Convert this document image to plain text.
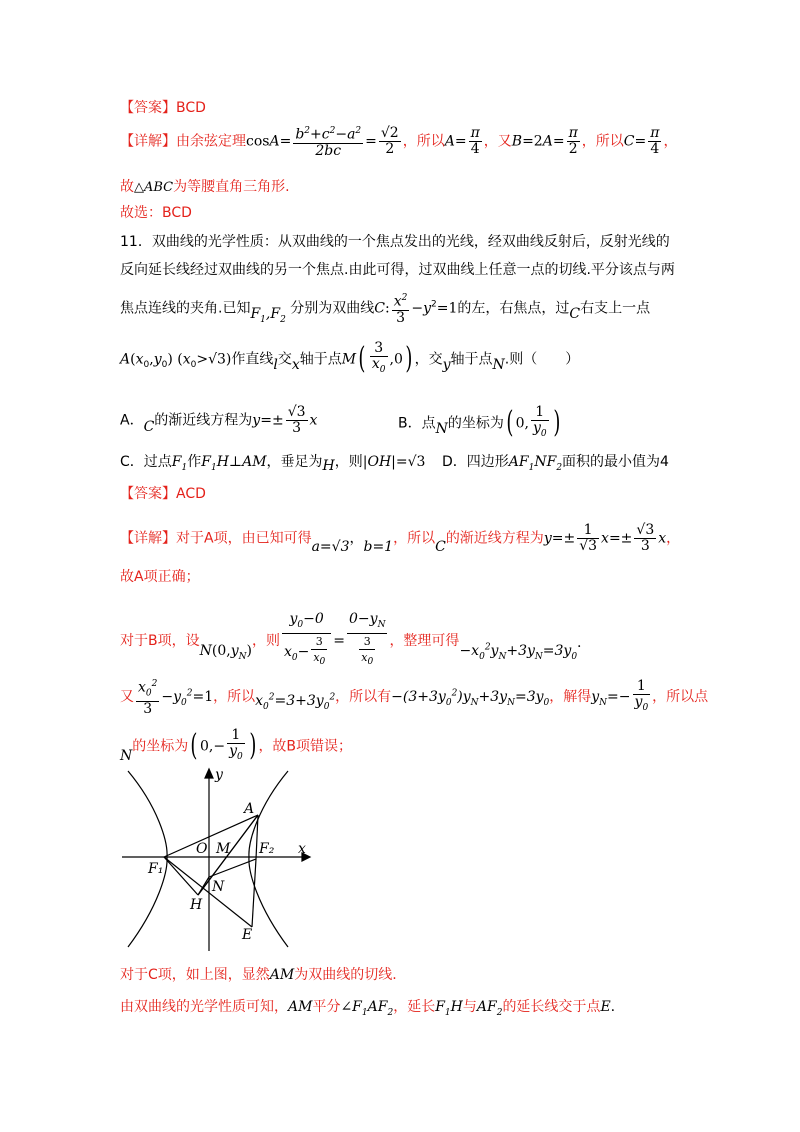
【答案】BCD
【详解】由余弦定理$\cos A= \frac{b^2+c^2-a^2}{2bc} = \frac{√2}{2}$ ，所以$A= \frac{\pi}{4}$ ，又$B=2A= \frac{\pi}{2}$ ，所以$C= \frac{\pi}{4}$ ，
故△ABC为等腰直角三角形.
故选：BCD
11．双曲线的光学性质：从双曲线的一个焦点发出的光线，经双曲线反射后，反射光线的
反向延长线经过双曲线的另一个焦点.由此可得，过双曲线上任意一点的切线.平分该点与两
焦点连线的夹角.已知$F_1,F_2$ 分别为双曲线C: $\frac{x^2}{3} -y^2=1$的左，右焦点，过C右支上一点
$A(x_0,y_0)$ $(x_0>√3)$作直线l交x轴于点$M( \frac{3}{x_0} ,0)$ ，交y轴于点N.则（　　）
A．C的渐近线方程为$y=\pm \frac{√3}{3}$ x	B．点N的坐标为( 0, $\frac{1}{y_0}$ )
C．过点$F_1$作$F_1H\perp AM$，垂足为H，则|OH|=√3 D．四边形$AF_1NF_2$面积的最小值为4
【答案】ACD
【详解】对于A项，由已知可得a=√3，b=1，所以C的渐近线方程为$y=\pm \frac{1}{√3} x=\pm \frac{√3}{3}$ x，
故A项正确；
对于B项，设$N(0,y_N)$，则 $\frac{y_0-0}{x_0- \frac{3}{x_0}} = \frac{0-y_N}{\frac{3}{x_0}}$ ，整理可得$-x_0^2y_N+3y_N=3y_0$.
又 $\frac{x_0^2}{3} -y_0^2=1$，所以$x_0^2=3+3y_0^2$，所以有$-(3+3y_0^2)y_N+3y_N=3y_0$，解得$y_N=- \frac{1}{y_0}$ ，所以点
N的坐标为( $0,- \frac{1}{y_0}$ ) ，故B项错误；
y
x
A
O M F₂
F₁
N
H
E
对于C项，如上图，显然AM为双曲线的切线.
由双曲线的光学性质可知，AM平分$\angle F_1AF_2$，延长$F_1H$与$AF_2$的延长线交于点E.
